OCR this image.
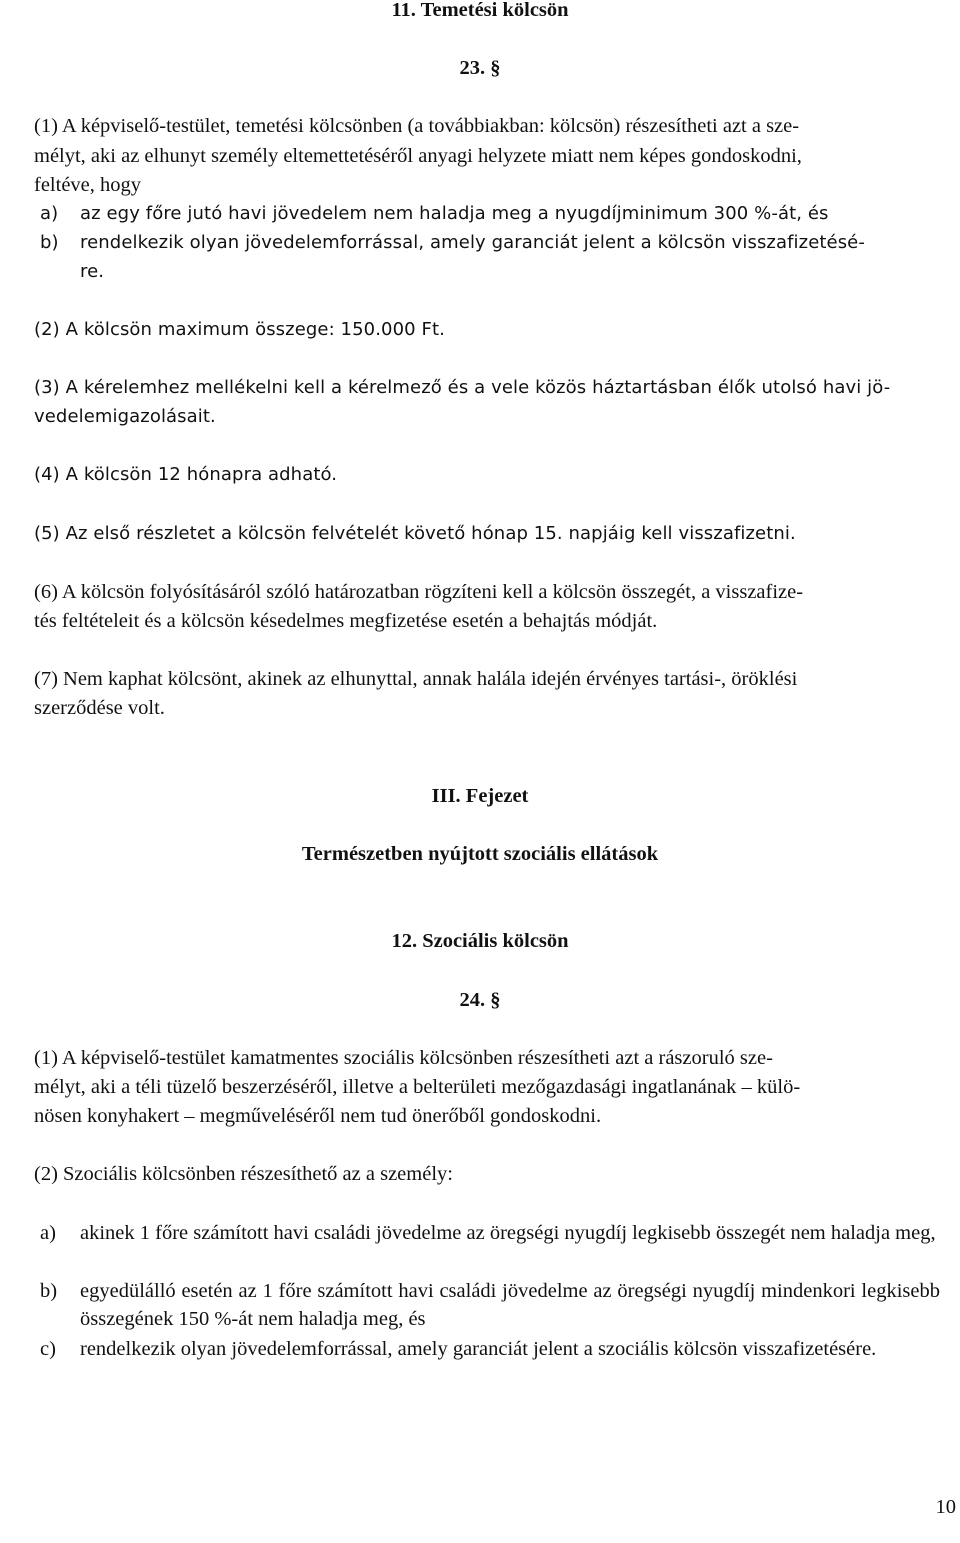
11. Temetési kölcsön

23. §

(1) A képviselő-testület, temetési kölcsönben (a továbbiakban: kölcsön) részesítheti azt a sze-

mélyt, aki az elhunyt személy eltemettetéséről anyagi helyzete miatt nem képes gondoskodni,

feltéve, hogy

a) az egy főre jutó havi jövedelem nem haladja meg a nyugdíjminimum 300 %-át, és

b) rendelkezik olyan jövedelemforrással, amely garanciát jelent a kölcsön visszafizetésé-

re.

(2) A kölcsön maximum összege: 150.000 Ft.

(3) A kérelemhez mellékelni kell a kérelmező és a vele közös háztartásban élők utolsó havi jö-

vedelemigazolásait.

(4) A kölcsön 12 hónapra adható.

(5) Az első részletet a kölcsön felvételét követő hónap 15. napjáig kell visszafizetni.

(6) A kölcsön folyósításáról szóló határozatban rögzíteni kell a kölcsön összegét, a visszafize-

tés feltételeit és a kölcsön késedelmes megfizetése esetén a behajtás módját.

(7) Nem kaphat kölcsönt, akinek az elhunyttal, annak halála idején érvényes tartási-, öröklési

szerződése volt.

III. Fejezet

Természetben nyújtott szociális ellátások

12. Szociális kölcsön

24. §

(1) A képviselő-testület kamatmentes szociális kölcsönben részesítheti azt a rászoruló sze-

mélyt, aki a téli tüzelő beszerzéséről, illetve a belterületi mezőgazdasági ingatlanának – külö-

nösen konyhakert – megműveléséről nem tud önerőből gondoskodni.

(2) Szociális kölcsönben részesíthető az a személy:

a) akinek 1 főre számított havi családi jövedelme az öregségi nyugdíj legkisebb összegét nem haladja meg,
b) egyedülálló esetén az 1 főre számított havi családi jövedelme az öregségi nyugdíj mindenkori legkisebb összegének 150 %-át nem haladja meg, és
c) rendelkezik olyan jövedelemforrással, amely garanciát jelent a szociális kölcsön visszafizetésére.
10
